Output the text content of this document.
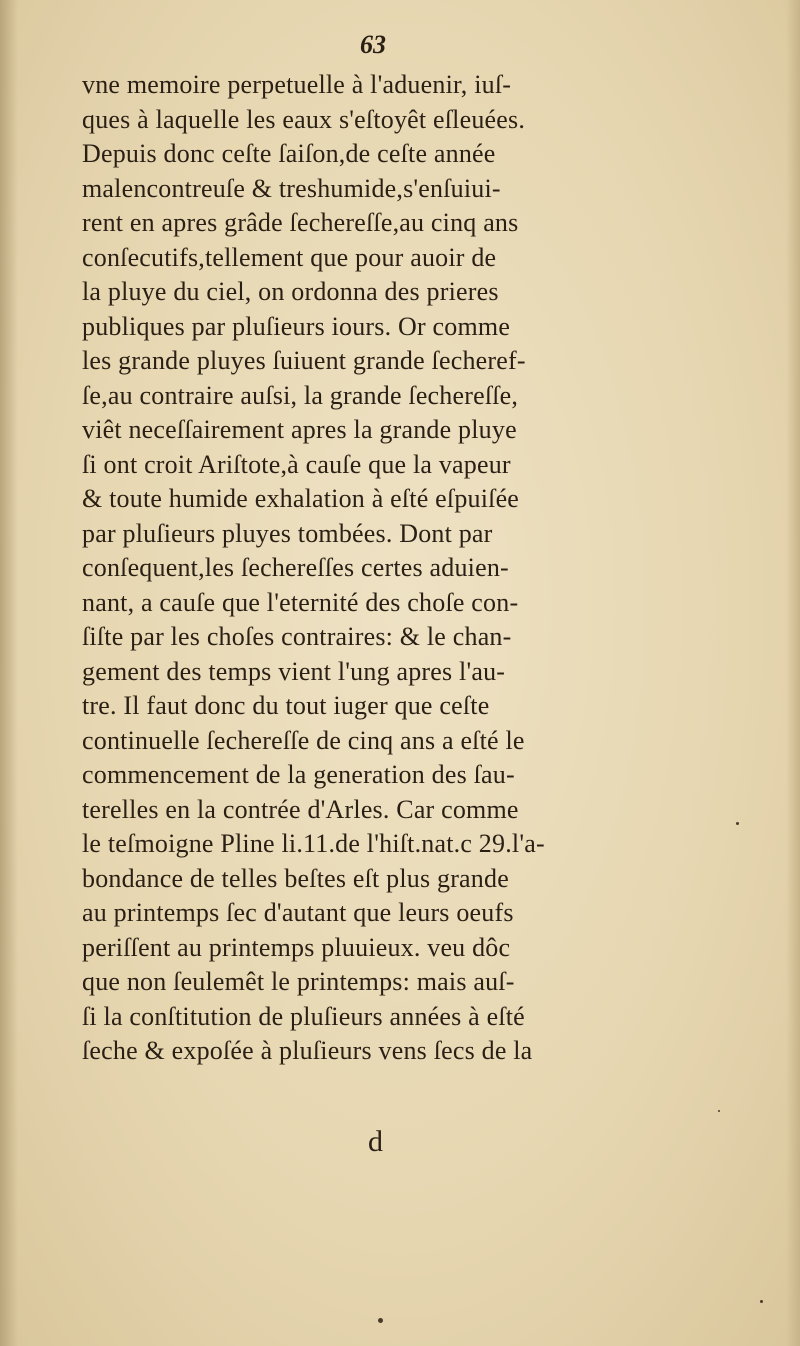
63
vne memoire perpetuelle à l'aduenir, iuſ-
ques à laquelle les eaux s'eſtoyêt eſleuées.
Depuis donc ceſte ſaiſon,de ceſte année
malencontreuſe & treshumide,s'enſuiui-
rent en apres grâde ſechereſſe,au cinq ans
conſecutifs,tellement que pour auoir de
la pluye du ciel, on ordonna des prieres
publiques par pluſieurs iours. Or comme
les grande pluyes ſuiuent grande ſecheref-
ſe,au contraire auſsi, la grande ſechereſſe,
viêt neceſſairement apres la grande pluye
ſi ont croit Ariſtote,à cauſe que la vapeur
& toute humide exhalation à eſté eſpuiſée
par pluſieurs pluyes tombées. Dont par
conſequent,les ſechereſſes certes aduien-
nant, a cauſe que l'eternité des choſe con-
ſiſte par les choſes contraires: & le chan-
gement des temps vient l'ung apres l'au-
tre. Il faut donc du tout iuger que ceſte
continuelle ſechereſſe de cinq ans a eſté le
commencement de la generation des ſau-
terelles en la contrée d'Arles. Car comme
le teſmoigne Pline li.11.de l'hiſt.nat.c 29.l'a-
bondance de telles beſtes eſt plus grande
au printemps ſec d'autant que leurs oeufs
periſſent au printemps pluuieux. veu dôc
que non ſeulemêt le printemps: mais auſ-
ſi la conſtitution de pluſieurs années à eſté
ſeche & expoſée à pluſieurs vens ſecs de la
d
